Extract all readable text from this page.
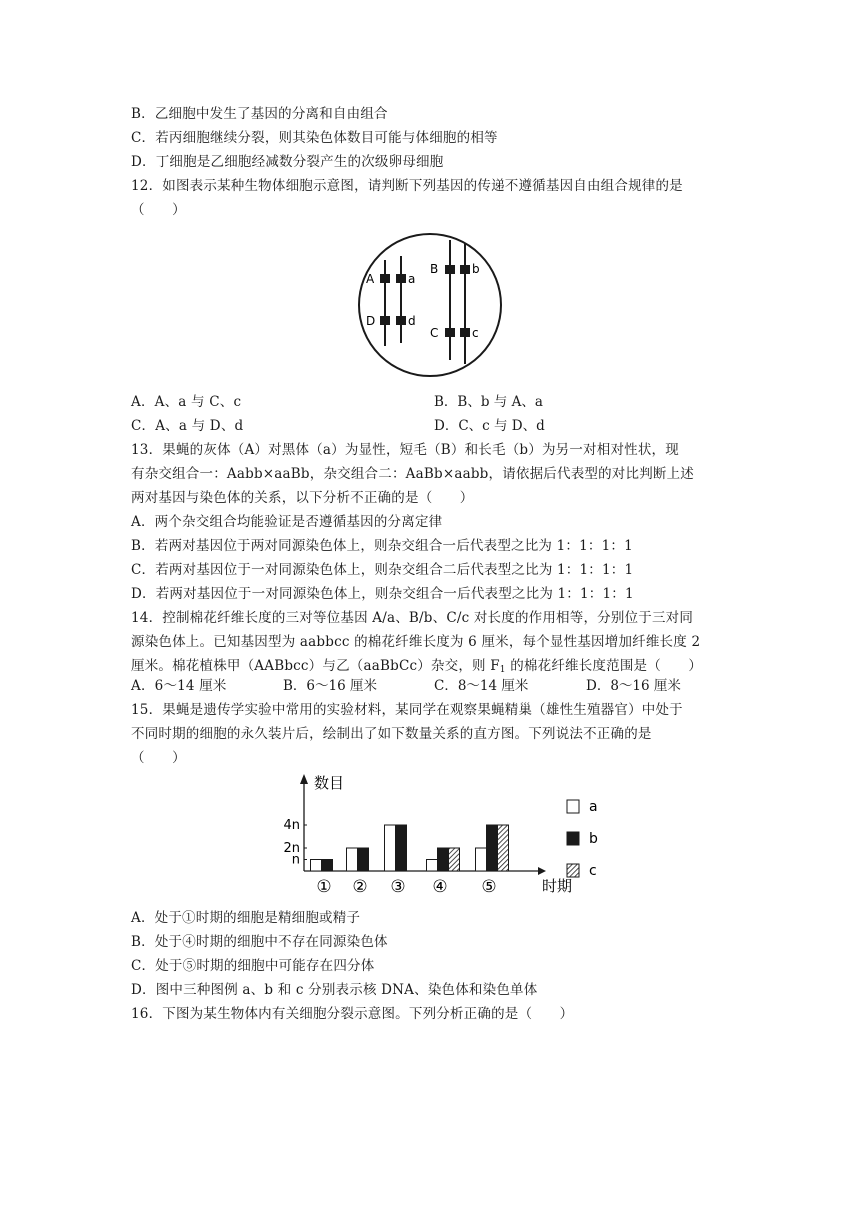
B．乙细胞中发生了基因的分离和自由组合
C．若丙细胞继续分裂，则其染色体数目可能与体细胞的相等
D．丁细胞是乙细胞经减数分裂产生的次级卵母细胞
12．如图表示某种生物体细胞示意图，请判断下列基因的传递不遵循基因自由组合规律的是
（　　）
A	a
D	d
B	b
C	c
A．A、a 与 C、c	B．B、b 与 A、a
C．A、a 与 D、d	D．C、c 与 D、d
13．果蝇的灰体（A）对黑体（a）为显性，短毛（B）和长毛（b）为另一对相对性状，现
有杂交组合一：Aabb×aaBb，杂交组合二：AaBb×aabb，请依据后代表型的对比判断上述
两对基因与染色体的关系，以下分析不正确的是（　　）
A．两个杂交组合均能验证是否遵循基因的分离定律
B．若两对基因位于两对同源染色体上，则杂交组合一后代表型之比为 1：1：1：1
C．若两对基因位于一对同源染色体上，则杂交组合二后代表型之比为 1：1：1：1
D．若两对基因位于一对同源染色体上，则杂交组合一后代表型之比为 1：1：1：1
14．控制棉花纤维长度的三对等位基因 A/a、B/b、C/c 对长度的作用相等，分别位于三对同
源染色体上。已知基因型为 aabbcc 的棉花纤维长度为 6 厘米，每个显性基因增加纤维长度 2
厘米。棉花植株甲（AABbcc）与乙（aaBbCc）杂交，则 $F_1$ 的棉花纤维长度范围是（　　）
A．6～14 厘米	B．6～16 厘米	C．8～14 厘米	D．8～16 厘米
15．果蝇是遗传学实验中常用的实验材料，某同学在观察果蝇精巢（雄性生殖器官）中处于
不同时期的细胞的永久装片后，绘制出了如下数量关系的直方图。下列说法不正确的是
（　　）
数目
时期
n
2n
4n
① ② ③ ④ ⑤
a
b
c
A．处于①时期的细胞是精细胞或精子
B．处于④时期的细胞中不存在同源染色体
C．处于⑤时期的细胞中可能存在四分体
D．图中三种图例 a、b 和 c 分别表示核 DNA、染色体和染色单体
16．下图为某生物体内有关细胞分裂示意图。下列分析正确的是（　　）
